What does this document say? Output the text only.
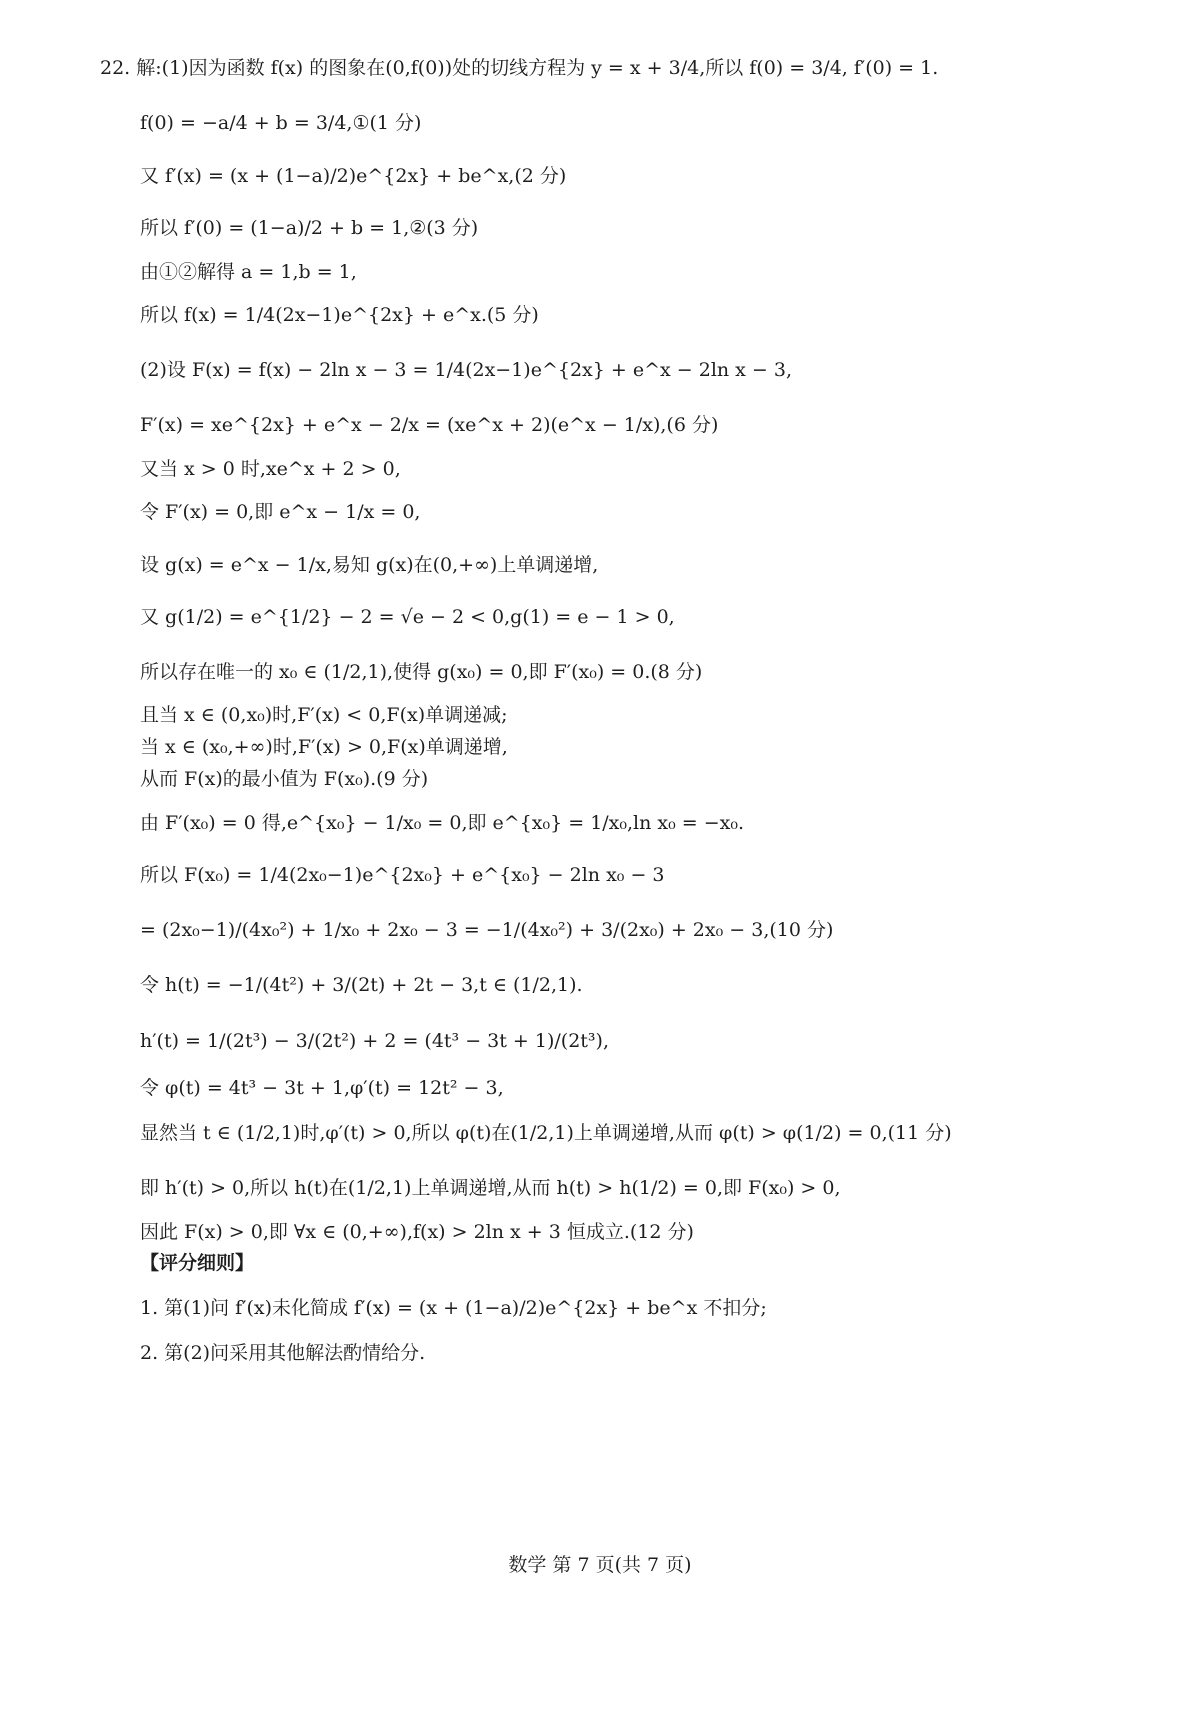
22. 解:(1)因为函数 f(x) 的图象在(0,f(0))处的切线方程为 y = x + 3/4,所以 f(0) = 3/4, f′(0) = 1.
f(0) = −a/4 + b = 3/4,①(1 分)
又 f′(x) = (x + (1−a)/2)e^{2x} + be^x,(2 分)
所以 f′(0) = (1−a)/2 + b = 1,②(3 分)
由①②解得 a = 1,b = 1,
所以 f(x) = 1/4(2x−1)e^{2x} + e^x.(5 分)
(2)设 F(x) = f(x) − 2ln x − 3 = 1/4(2x−1)e^{2x} + e^x − 2ln x − 3,
F′(x) = xe^{2x} + e^x − 2/x = (xe^x + 2)(e^x − 1/x),(6 分)
又当 x > 0 时,xe^x + 2 > 0,
令 F′(x) = 0,即 e^x − 1/x = 0,
设 g(x) = e^x − 1/x,易知 g(x)在(0,+∞)上单调递增,
又 g(1/2) = e^{1/2} − 2 = √e − 2 < 0,g(1) = e − 1 > 0,
所以存在唯一的 x₀ ∈ (1/2,1),使得 g(x₀) = 0,即 F′(x₀) = 0.(8 分)
且当 x ∈ (0,x₀)时,F′(x) < 0,F(x)单调递减;
当 x ∈ (x₀,+∞)时,F′(x) > 0,F(x)单调递增,
从而 F(x)的最小值为 F(x₀).(9 分)
由 F′(x₀) = 0 得,e^{x₀} − 1/x₀ = 0,即 e^{x₀} = 1/x₀,ln x₀ = −x₀.
所以 F(x₀) = 1/4(2x₀−1)e^{2x₀} + e^{x₀} − 2ln x₀ − 3
= (2x₀−1)/(4x₀²) + 1/x₀ + 2x₀ − 3 = −1/(4x₀²) + 3/(2x₀) + 2x₀ − 3,(10 分)
令 h(t) = −1/(4t²) + 3/(2t) + 2t − 3,t ∈ (1/2,1).
h′(t) = 1/(2t³) − 3/(2t²) + 2 = (4t³ − 3t + 1)/(2t³),
令 φ(t) = 4t³ − 3t + 1,φ′(t) = 12t² − 3,
显然当 t ∈ (1/2,1)时,φ′(t) > 0,所以 φ(t)在(1/2,1)上单调递增,从而 φ(t) > φ(1/2) = 0,(11 分)
即 h′(t) > 0,所以 h(t)在(1/2,1)上单调递增,从而 h(t) > h(1/2) = 0,即 F(x₀) > 0,
因此 F(x) > 0,即 ∀x ∈ (0,+∞),f(x) > 2ln x + 3 恒成立.(12 分)
【评分细则】
1. 第(1)问 f′(x)未化简成 f′(x) = (x + (1−a)/2)e^{2x} + be^x 不扣分;
2. 第(2)问采用其他解法酌情给分.
数学 第 7 页(共 7 页)
